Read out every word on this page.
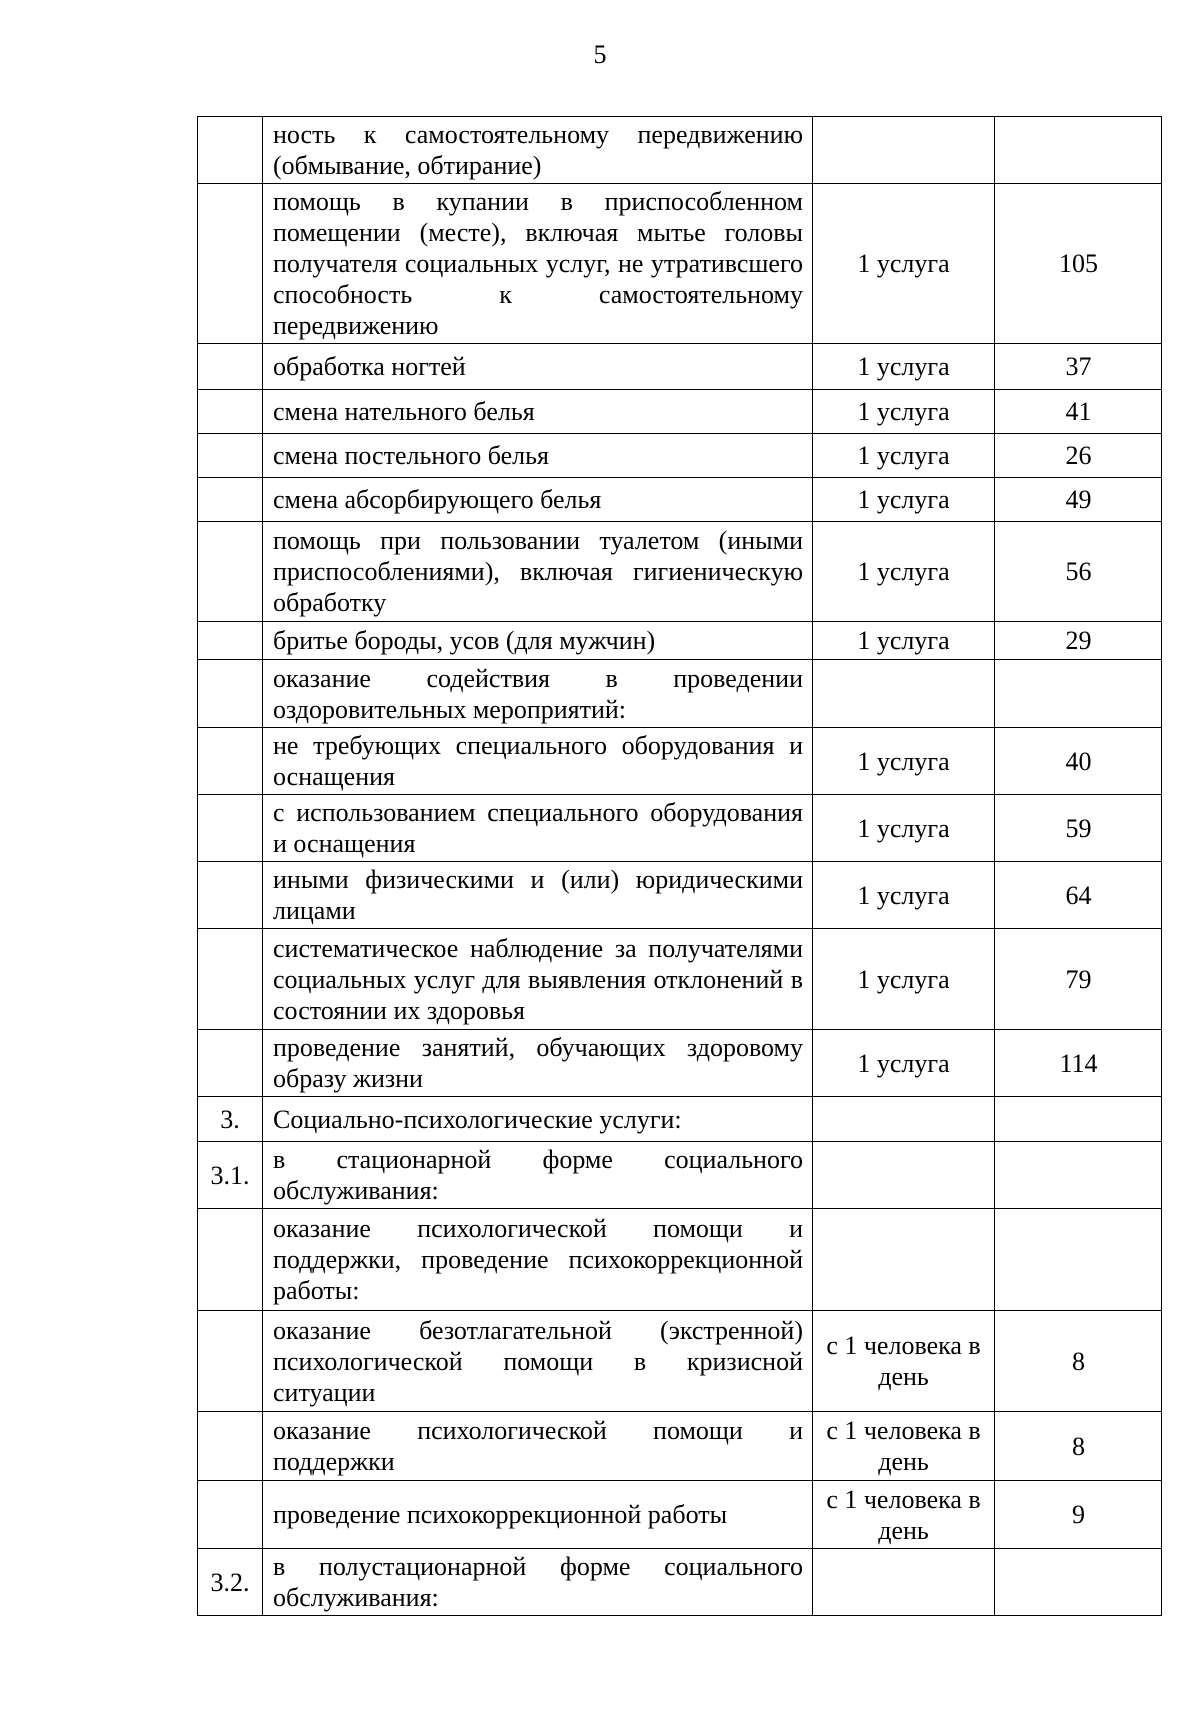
5
	ность к самостоятельному передвижению (обмывание, обтирание)		
	помощь в купании в приспособленном помещении (месте), включая мытье головы получателя социальных услуг, не утративсшего способность к самостоятельному передвижению	1 услуга	105
	обработка ногтей	1 услуга	37
	смена нательного белья	1 услуга	41
	смена постельного белья	1 услуга	26
	смена абсорбирующего белья	1 услуга	49
	помощь при пользовании туалетом (иными приспособлениями), включая гигиеническую обработку	1 услуга	56
	бритье бороды, усов (для мужчин)	1 услуга	29
	оказание содействия в проведении оздоровительных мероприятий:		
	не требующих специального оборудования и оснащения	1 услуга	40
	с использованием специального оборудования и оснащения	1 услуга	59
	иными физическими и (или) юридическими лицами	1 услуга	64
	систематическое наблюдение за получателями социальных услуг для выявления отклонений в состоянии их здоровья	1 услуга	79
	проведение занятий, обучающих здоровому образу жизни	1 услуга	114
3.	Социально-психологические услуги:		
3.1.	в стационарной форме социального обслуживания:		
	оказание психологической помощи и поддержки, проведение психокоррекционной работы:		
	оказание безотлагательной (экстренной) психологической помощи в кризисной ситуации	с 1 человека в день	8
	оказание психологической помощи и поддержки	с 1 человека в день	8
	проведение психокоррекционной работы	с 1 человека в день	9
3.2.	в полустационарной форме социального обслуживания:		
